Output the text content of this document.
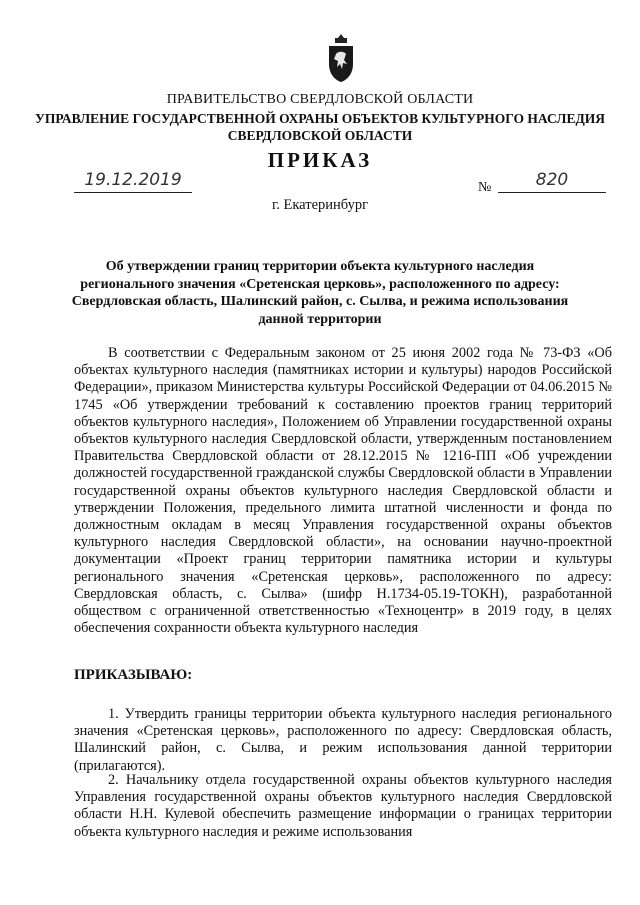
ПРАВИТЕЛЬСТВО СВЕРДЛОВСКОЙ ОБЛАСТИ
УПРАВЛЕНИЕ ГОСУДАРСТВЕННОЙ ОХРАНЫ ОБЪЕКТОВ КУЛЬТУРНОГО НАСЛЕДИЯ СВЕРДЛОВСКОЙ ОБЛАСТИ
ПРИКАЗ
19.12.2019	№	820
г. Екатеринбург
Об утверждении границ территории объекта культурного наследия регионального значения «Сретенская церковь», расположенного по адресу: Свердловская область, Шалинский район, с. Сылва, и режима использования данной территории
В соответствии с Федеральным законом от 25 июня 2002 года № 73-ФЗ «Об объектах культурного наследия (памятниках истории и культуры) народов Российской Федерации», приказом Министерства культуры Российской Федерации от 04.06.2015 № 1745 «Об утверждении требований к составлению проектов границ территорий объектов культурного наследия», Положением об Управлении государственной охраны объектов культурного наследия Свердловской области, утвержденным постановлением Правительства Свердловской области от 28.12.2015 № 1216-ПП «Об учреждении должностей государственной гражданской службы Свердловской области в Управлении государственной охраны объектов культурного наследия Свердловской области и утверждении Положения, предельного лимита штатной численности и фонда по должностным окладам в месяц Управления государственной охраны объектов культурного наследия Свердловской области», на основании научно-проектной документации «Проект границ территории памятника истории и культуры регионального значения «Сретенская церковь», расположенного по адресу: Свердловская область, с. Сылва» (шифр Н.1734-05.19-ТОКН), разработанной обществом с ограниченной ответственностью «Техноцентр» в 2019 году, в целях обеспечения сохранности объекта культурного наследия
ПРИКАЗЫВАЮ:
1. Утвердить границы территории объекта культурного наследия регионального значения «Сретенская церковь», расположенного по адресу: Свердловская область, Шалинский район, с. Сылва, и режим использования данной территории (прилагаются).
2. Начальнику отдела государственной охраны объектов культурного наследия Управления государственной охраны объектов культурного наследия Свердловской области Н.Н. Кулевой обеспечить размещение информации о границах территории объекта культурного наследия и режиме использования
